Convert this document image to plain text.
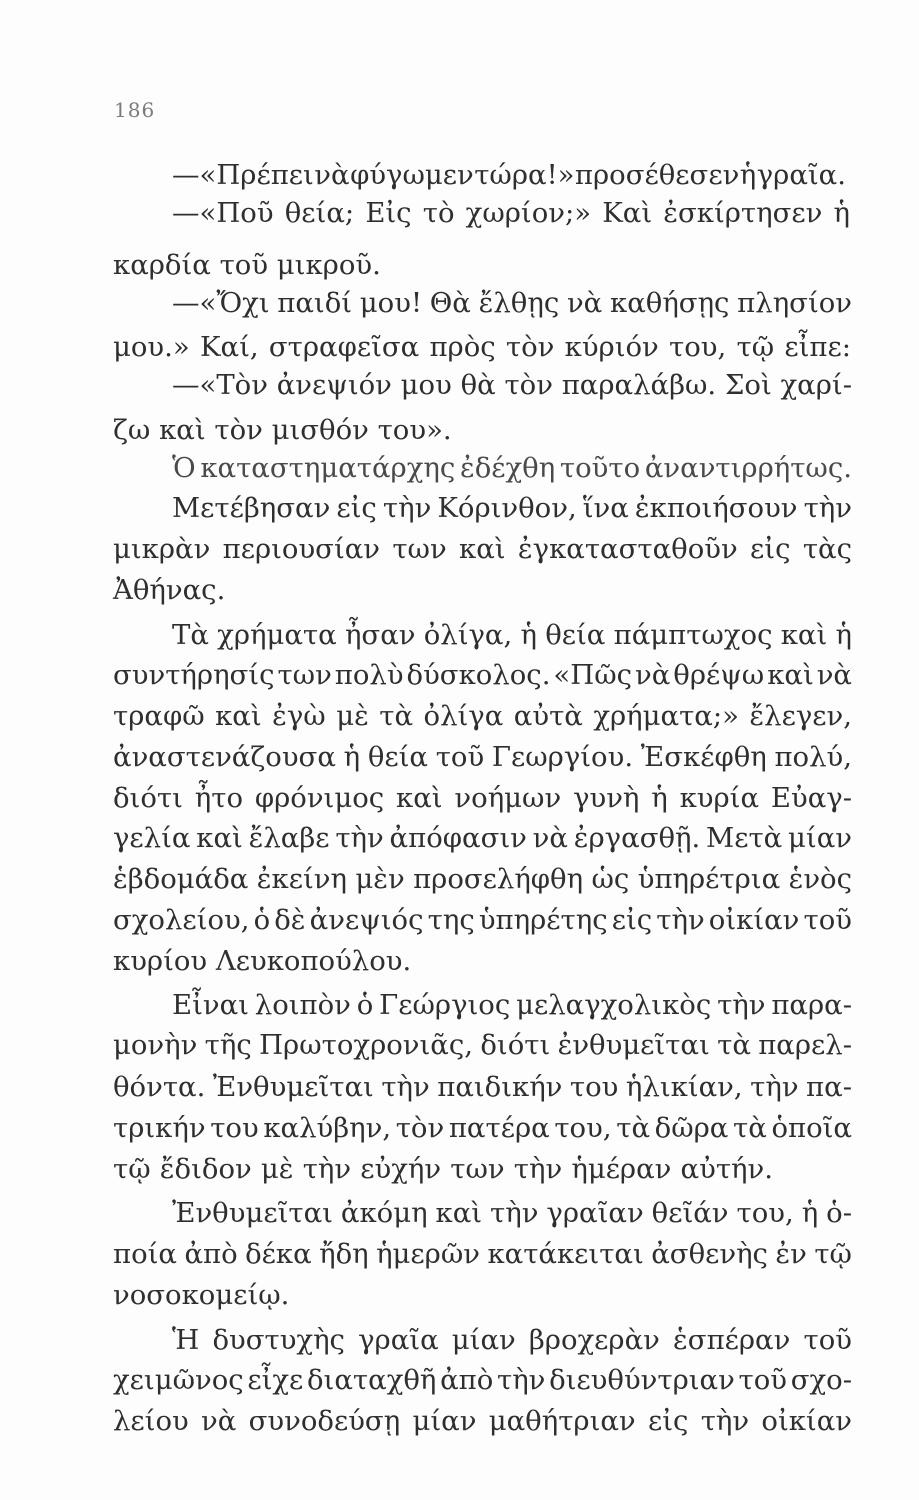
186
—«Πρέπει νὰ φύγωμεν τώρα!» προσέθεσεν ἡ γραῖα.
—«Ποῦ θεία; Εἰς τὸ χωρίον;» Καὶ ἐσκίρτησεν ἡ
καρδία τοῦ μικροῦ.
—«Ὄχι παιδί μου! Θὰ ἔλθῃς νὰ καθήσῃς πλησίον
μου.» Καί, στραφεῖσα πρὸς τὸν κύριόν του, τῷ εἶπε:
—«Τὸν ἀνεψιόν μου θὰ τὸν παραλάβω. Σοὶ χαρί-
ζω καὶ τὸν μισθόν του».
Ὁ καταστηματάρχης ἐδέχθη τοῦτο ἀναντιρρήτως.
Μετέβησαν εἰς τὴν Κόρινθον, ἵνα ἐκποιήσουν τὴν
μικρὰν περιουσίαν των καὶ ἐγκατασταθοῦν εἰς τὰς
Ἀθήνας.
Τὰ χρήματα ἦσαν ὀλίγα, ἡ θεία πάμπτωχος καὶ ἡ
συντήρησίς των πολὺ δύσκολος. «Πῶς νὰ θρέψω καὶ νὰ
τραφῶ καὶ ἐγὼ μὲ τὰ ὀλίγα αὐτὰ χρήματα;» ἔλεγεν,
ἀναστενάζουσα ἡ θεία τοῦ Γεωργίου. Ἐσκέφθη πολύ,
διότι ἦτο φρόνιμος καὶ νοήμων γυνὴ ἡ κυρία Εὐαγ-
γελία καὶ ἔλαβε τὴν ἀπόφασιν νὰ ἐργασθῇ. Μετὰ μίαν
ἑβδομάδα ἐκείνη μὲν προσελήφθη ὡς ὑπηρέτρια ἑνὸς
σχολείου, ὁ δὲ ἀνεψιός της ὑπηρέτης εἰς τὴν οἰκίαν τοῦ
κυρίου Λευκοπούλου.
Εἶναι λοιπὸν ὁ Γεώργιος μελαγχολικὸς τὴν παρα-
μονὴν τῆς Πρωτοχρονιᾶς, διότι ἐνθυμεῖται τὰ παρελ-
θόντα. Ἐνθυμεῖται τὴν παιδικήν του ἡλικίαν, τὴν πα-
τρικήν του καλύβην, τὸν πατέρα του, τὰ δῶρα τὰ ὁποῖα
τῷ ἔδιδον μὲ τὴν εὐχήν των τὴν ἡμέραν αὐτήν.
Ἐνθυμεῖται ἀκόμη καὶ τὴν γραῖαν θεῖάν του, ἡ ὁ-
ποία ἀπὸ δέκα ἤδη ἡμερῶν κατάκειται ἀσθενὴς ἐν τῷ
νοσοκομείῳ.
Ἡ δυστυχὴς γραῖα μίαν βροχερὰν ἑσπέραν τοῦ
χειμῶνος εἶχε διαταχθῆ ἀπὸ τὴν διευθύντριαν τοῦ σχο-
λείου νὰ συνοδεύσῃ μίαν μαθήτριαν εἰς τὴν οἰκίαν
